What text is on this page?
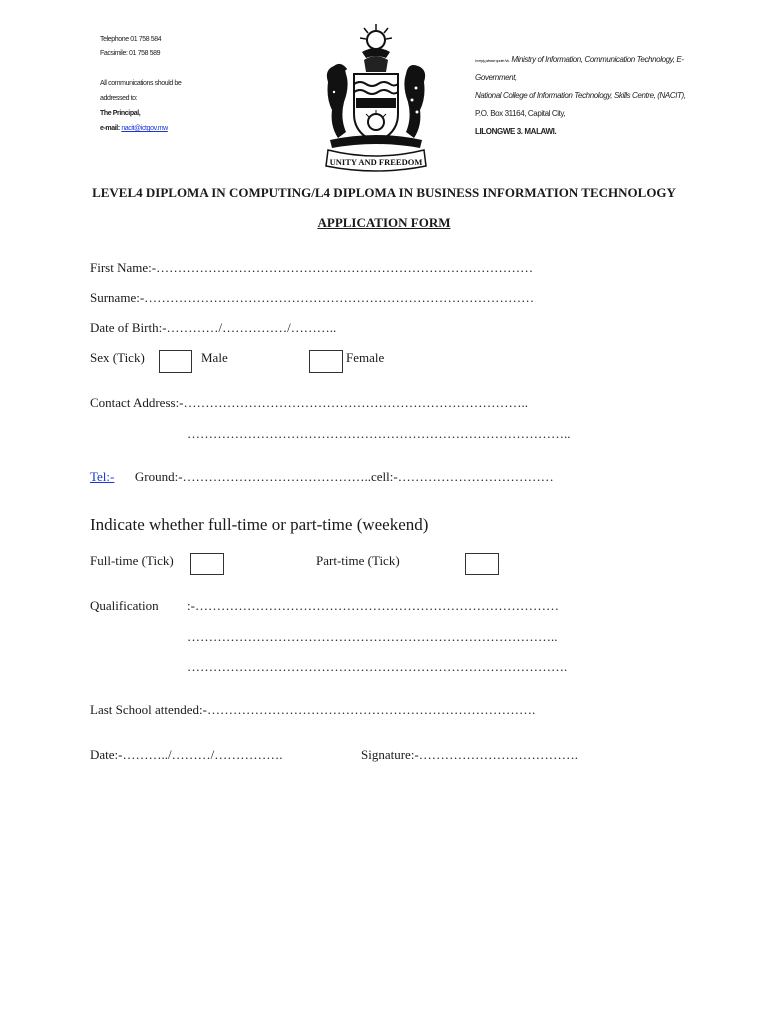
Telephone 01 758 584
Facsimile: 01 758 589
All communications should be
addressed to:
The Principal,
e-mail: nacit@ictgov.mw
UNITY AND FREEDOM
In reply please quote No. Ministry of Information, Communication Technology, E-
Government,
National College of Information Technology, Skills Centre, (NACIT),
P.O. Box 31164, Capital City,
LILONGWE 3. MALAWI.
LEVEL4 DIPLOMA IN COMPUTING/L4 DIPLOMA IN BUSINESS INFORMATION TECHNOLOGY
APPLICATION FORM
First Name:-……………………………………………………………………………
Surname:-………………………………………………………………………………
Date of Birth:-…………/……………/………..
Sex (Tick)	Male	Female
Contact Address:-……………………………………………………………………..
……………………………………………………………………………..
Tel:- Ground:-……………………………………..cell:-………………………………
Indicate whether full-time or part-time (weekend)
Full-time (Tick)	Part-time (Tick)
Qualification :-…………………………………………………………………………
…………………………………………………………………………..
…………………………………………………………………………….
Last School attended:-………………………………………………………………….
Date:-………../………/…………….	Signature:-……………………………….
